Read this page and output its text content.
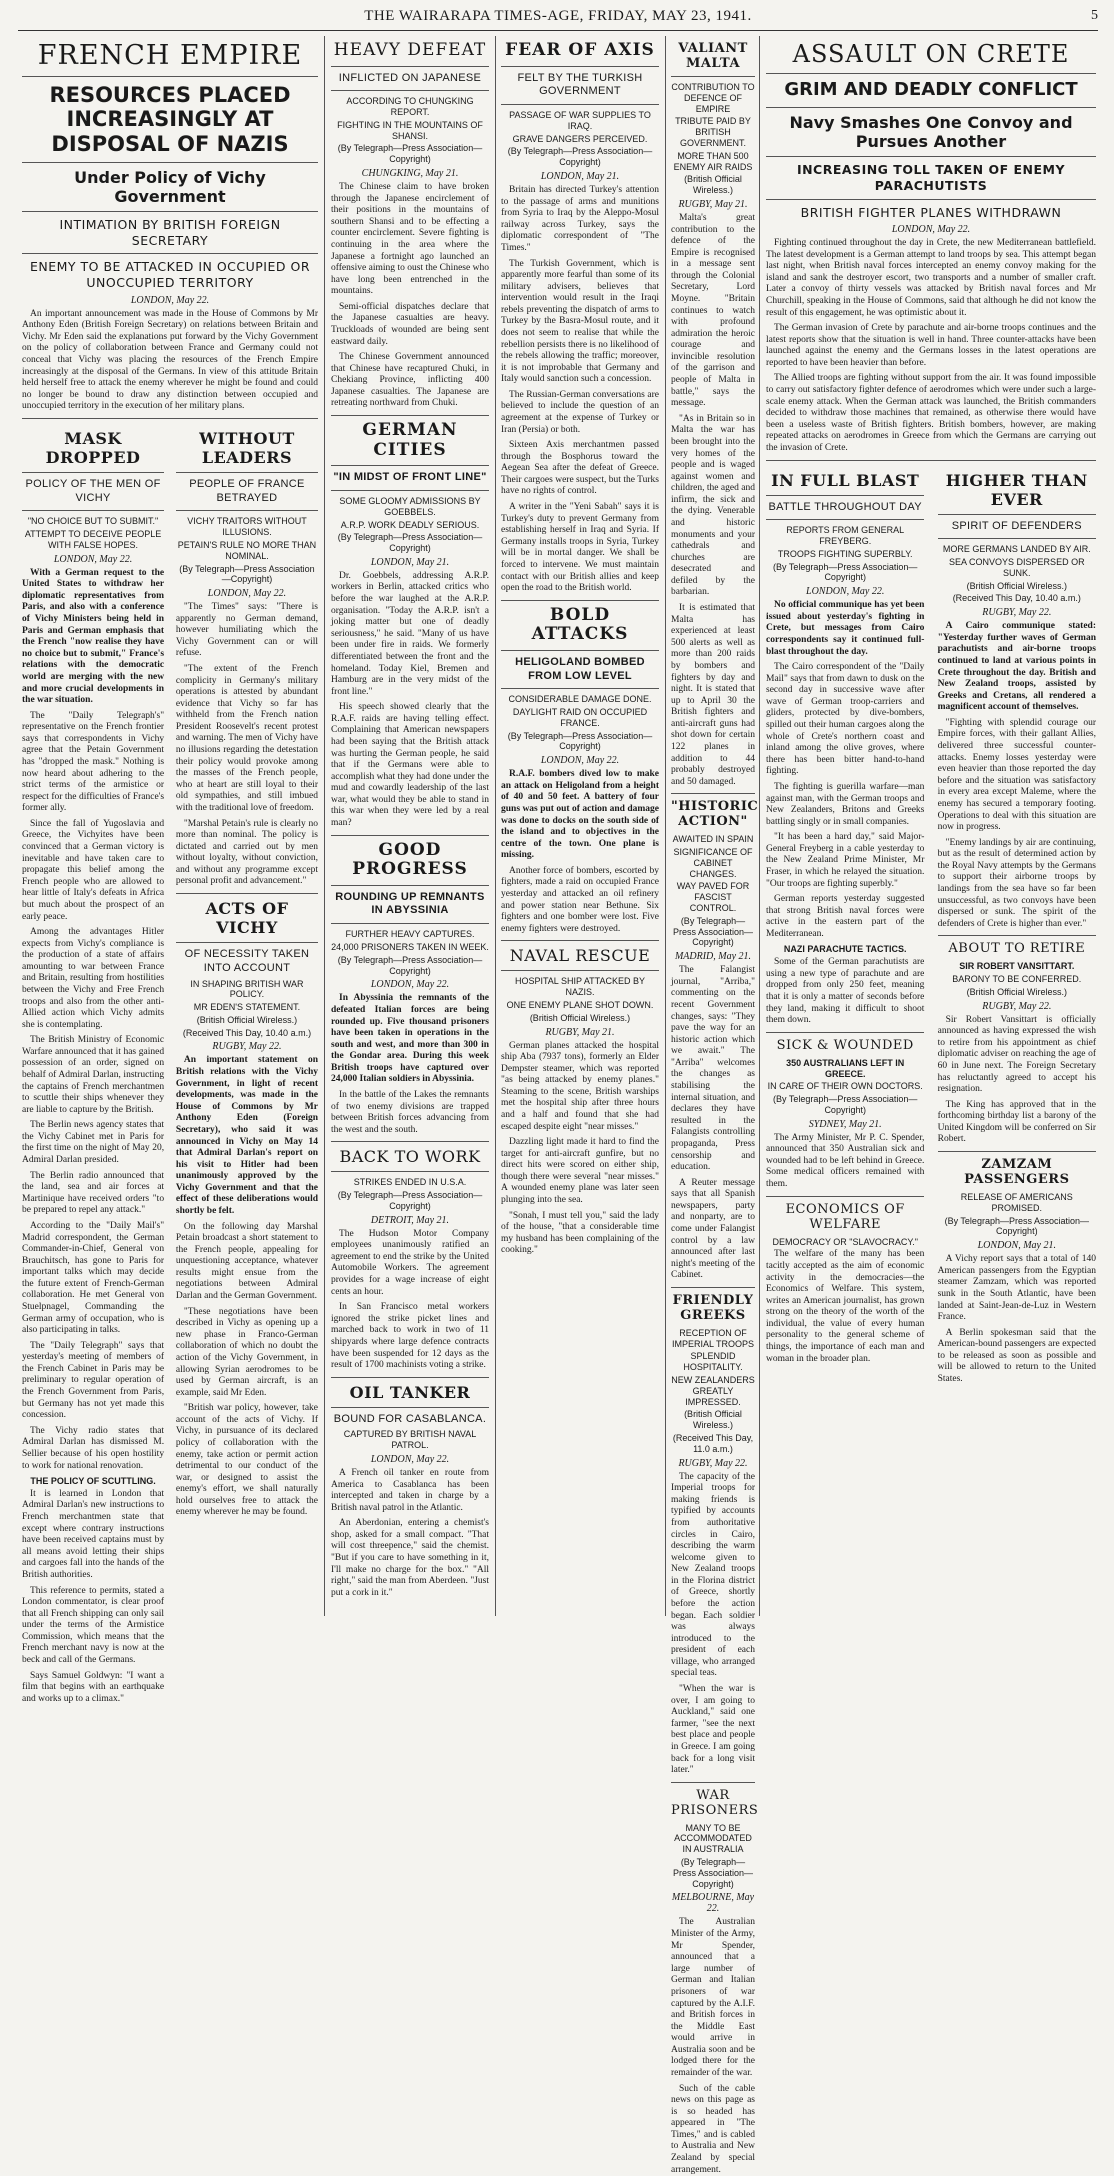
THE WAIRARAPA TIMES-AGE, FRIDAY, MAY 23, 1941.	5
FRENCH EMPIRE
RESOURCES PLACED INCREASINGLY AT DISPOSAL OF NAZIS
Under Policy of Vichy Government
INTIMATION BY BRITISH FOREIGN SECRETARY
ENEMY TO BE ATTACKED IN OCCUPIED OR UNOCCUPIED TERRITORY
LONDON, May 22.

An important announcement was made in the House of Commons by Mr Anthony Eden (British Foreign Secretary) on relations between Britain and Vichy. Mr Eden said the explanations put forward by the Vichy Government on the policy of collaboration between France and Germany could not conceal that Vichy was placing the resources of the French Empire increasingly at the disposal of the Germans. In view of this attitude Britain held herself free to attack the enemy wherever he might be found and could no longer be bound to draw any distinction between occupied and unoccupied territory in the execution of her military plans.

MASK DROPPED
POLICY OF THE MEN OF VICHY
"NO CHOICE BUT TO SUBMIT."
ATTEMPT TO DECEIVE PEOPLE WITH FALSE HOPES.
LONDON, May 22.

With a German request to the United States to withdraw her diplomatic representatives from Paris, and also with a conference of Vichy Ministers being held in Paris and German emphasis that the French "now realise they have no choice but to submit," France's relations with the democratic world are merging with the new and more crucial developments in the war situation.

The "Daily Telegraph's" representative on the French frontier says that correspondents in Vichy agree that the Petain Government has "dropped the mask." Nothing is now heard about adhering to the strict terms of the armistice or respect for the difficulties of France's former ally.

Since the fall of Yugoslavia and Greece, the Vichyites have been convinced that a German victory is inevitable and have taken care to propagate this belief among the French people who are allowed to hear little of Italy's defeats in Africa but much about the prospect of an early peace.

Among the advantages Hitler expects from Vichy's compliance is the production of a state of affairs amounting to war between France and Britain, resulting from hostilities between the Vichy and Free French troops and also from the other anti-Allied action which Vichy admits she is contemplating.

The British Ministry of Economic Warfare announced that it has gained possession of an order, signed on behalf of Admiral Darlan, instructing the captains of French merchantmen to scuttle their ships whenever they are liable to capture by the British.

The Berlin news agency states that the Vichy Cabinet met in Paris for the first time on the night of May 20, Admiral Darlan presided.

The Berlin radio announced that the land, sea and air forces at Martinique have received orders "to be prepared to repel any attack."

According to the "Daily Mail's" Madrid correspondent, the German Commander-in-Chief, General von Brauchitsch, has gone to Paris for important talks which may decide the future extent of French-German collaboration. He met General von Stuelpnagel, Commanding the German army of occupation, who is also participating in talks.

The "Daily Telegraph" says that yesterday's meeting of members of the French Cabinet in Paris may be preliminary to regular operation of the French Government from Paris, but Germany has not yet made this concession.

The Vichy radio states that Admiral Darlan has dismissed M. Sellier because of his open hostility to work for national renovation.

THE POLICY OF SCUTTLING.

It is learned in London that Admiral Darlan's new instructions to French merchantmen state that except where contrary instructions have been received captains must by all means avoid letting their ships and cargoes fall into the hands of the British authorities.

This reference to permits, stated a London commentator, is clear proof that all French shipping can only sail under the terms of the Armistice Commission, which means that the French merchant navy is now at the beck and call of the Germans.

Says Samuel Goldwyn: "I want a film that begins with an earthquake and works up to a climax."

WITHOUT LEADERS
PEOPLE OF FRANCE BETRAYED
VICHY TRAITORS WITHOUT ILLUSIONS.
PETAIN'S RULE NO MORE THAN NOMINAL.
(By Telegraph—Press Association—Copyright)
LONDON, May 22.

"The Times" says: "There is apparently no German demand, however humiliating which the Vichy Government can or will refuse.

"The extent of the French complicity in Germany's military operations is attested by abundant evidence that Vichy so far has withheld from the French nation President Roosevelt's recent protest and warning. The men of Vichy have no illusions regarding the detestation their policy would provoke among the masses of the French people, who at heart are still loyal to their old sympathies, and still imbued with the traditional love of freedom.

"Marshal Petain's rule is clearly no more than nominal. The policy is dictated and carried out by men without loyalty, without conviction, and without any programme except personal profit and advancement."

ACTS OF VICHY
OF NECESSITY TAKEN INTO ACCOUNT
IN SHAPING BRITISH WAR POLICY.
MR EDEN'S STATEMENT.
(British Official Wireless.)
(Received This Day, 10.40 a.m.)
RUGBY, May 22.

An important statement on British relations with the Vichy Government, in light of recent developments, was made in the House of Commons by Mr Anthony Eden (Foreign Secretary), who said it was announced in Vichy on May 14 that Admiral Darlan's report on his visit to Hitler had been unanimously approved by the Vichy Government and that the effect of these deliberations would shortly be felt.

On the following day Marshal Petain broadcast a short statement to the French people, appealing for unquestioning acceptance, whatever results might ensue from the negotiations between Admiral Darlan and the German Government.

"These negotiations have been described in Vichy as opening up a new phase in Franco-German collaboration of which no doubt the action of the Vichy Government, in allowing Syrian aerodromes to be used by German aircraft, is an example, said Mr Eden.

"British war policy, however, take account of the acts of Vichy. If Vichy, in pursuance of its declared policy of collaboration with the enemy, take action or permit action detrimental to our conduct of the war, or designed to assist the enemy's effort, we shall naturally hold ourselves free to attack the enemy wherever he may be found.

HEAVY DEFEAT
INFLICTED ON JAPANESE
ACCORDING TO CHUNGKING REPORT.
FIGHTING IN THE MOUNTAINS OF SHANSI.
(By Telegraph—Press Association—Copyright)
CHUNGKING, May 21.

The Chinese claim to have broken through the Japanese encirclement of their positions in the mountains of southern Shansi and to be effecting a counter encirclement. Severe fighting is continuing in the area where the Japanese a fortnight ago launched an offensive aiming to oust the Chinese who have long been entrenched in the mountains.

Semi-official dispatches declare that the Japanese casualties are heavy. Truckloads of wounded are being sent eastward daily.

The Chinese Government announced that Chinese have recaptured Chuki, in Chekiang Province, inflicting 400 Japanese casualties. The Japanese are retreating northward from Chuki.

GERMAN CITIES
"IN MIDST OF FRONT LINE"
SOME GLOOMY ADMISSIONS BY GOEBBELS.
A.R.P. WORK DEADLY SERIOUS.
(By Telegraph—Press Association—Copyright)
LONDON, May 21.

Dr. Goebbels, addressing A.R.P. workers in Berlin, attacked critics who before the war laughed at the A.R.P. organisation. "Today the A.R.P. isn't a joking matter but one of deadly seriousness," he said. "Many of us have been under fire in raids. We formerly differentiated between the front and the homeland. Today Kiel, Bremen and Hamburg are in the very midst of the front line."

His speech showed clearly that the R.A.F. raids are having telling effect. Complaining that American newspapers had been saying that the British attack was hurting the German people, he said that if the Germans were able to accomplish what they had done under the mud and cowardly leadership of the last war, what would they be able to stand in this war when they were led by a real man?

GOOD PROGRESS
ROUNDING UP REMNANTS IN ABYSSINIA
FURTHER HEAVY CAPTURES.
24,000 PRISONERS TAKEN IN WEEK.
(By Telegraph—Press Association—Copyright)
LONDON, May 22.

In Abyssinia the remnants of the defeated Italian forces are being rounded up. Five thousand prisoners have been taken in operations in the south and west, and more than 300 in the Gondar area. During this week British troops have captured over 24,000 Italian soldiers in Abyssinia.

In the battle of the Lakes the remnants of two enemy divisions are trapped between British forces advancing from the west and the south.

BACK TO WORK
STRIKES ENDED IN U.S.A.
(By Telegraph—Press Association—Copyright)
DETROIT, May 21.

The Hudson Motor Company employees unanimously ratified an agreement to end the strike by the United Automobile Workers. The agreement provides for a wage increase of eight cents an hour.

In San Francisco metal workers ignored the strike picket lines and marched back to work in two of 11 shipyards where large defence contracts have been suspended for 12 days as the result of 1700 machinists voting a strike.

OIL TANKER
BOUND FOR CASABLANCA.
CAPTURED BY BRITISH NAVAL PATROL.
LONDON, May 22.

A French oil tanker en route from America to Casablanca has been intercepted and taken in charge by a British naval patrol in the Atlantic.

An Aberdonian, entering a chemist's shop, asked for a small compact. "That will cost threepence," said the chemist. "But if you care to have something in it, I'll make no charge for the box." "All right," said the man from Aberdeen. "Just put a cork in it."

FEAR OF AXIS
FELT BY THE TURKISH GOVERNMENT
PASSAGE OF WAR SUPPLIES TO IRAQ.
GRAVE DANGERS PERCEIVED.
(By Telegraph—Press Association—Copyright)
LONDON, May 21.

Britain has directed Turkey's attention to the passage of arms and munitions from Syria to Iraq by the Aleppo-Mosul railway across Turkey, says the diplomatic correspondent of "The Times."

The Turkish Government, which is apparently more fearful than some of its military advisers, believes that intervention would result in the Iraqi rebels preventing the dispatch of arms to Turkey by the Basra-Mosul route, and it does not seem to realise that while the rebellion persists there is no likelihood of the rebels allowing the traffic; moreover, it is not improbable that Germany and Italy would sanction such a concession.

The Russian-German conversations are believed to include the question of an agreement at the expense of Turkey or Iran (Persia) or both.

Sixteen Axis merchantmen passed through the Bosphorus toward the Aegean Sea after the defeat of Greece. Their cargoes were suspect, but the Turks have no rights of control.

A writer in the "Yeni Sabah" says it is Turkey's duty to prevent Germany from establishing herself in Iraq and Syria. If Germany installs troops in Syria, Turkey will be in mortal danger. We shall be forced to intervene. We must maintain contact with our British allies and keep open the road to the British world.

BOLD ATTACKS
HELIGOLAND BOMBED FROM LOW LEVEL
CONSIDERABLE DAMAGE DONE.
DAYLIGHT RAID ON OCCUPIED FRANCE.
(By Telegraph—Press Association—Copyright)
LONDON, May 22.

R.A.F. bombers dived low to make an attack on Heligoland from a height of 40 and 50 feet. A battery of four guns was put out of action and damage was done to docks on the south side of the island and to objectives in the centre of the town. One plane is missing.

Another force of bombers, escorted by fighters, made a raid on occupied France yesterday and attacked an oil refinery and power station near Bethune. Six fighters and one bomber were lost. Five enemy fighters were destroyed.

NAVAL RESCUE
HOSPITAL SHIP ATTACKED BY NAZIS.
ONE ENEMY PLANE SHOT DOWN.
(British Official Wireless.)
RUGBY, May 21.

German planes attacked the hospital ship Aba (7937 tons), formerly an Elder Dempster steamer, which was reported "as being attacked by enemy planes." Steaming to the scene, British warships met the hospital ship after three hours and a half and found that she had escaped despite eight "near misses."

Dazzling light made it hard to find the target for anti-aircraft gunfire, but no direct hits were scored on either ship, though there were several "near misses." A wounded enemy plane was later seen plunging into the sea.

"Sonah, I must tell you," said the lady of the house, "that a considerable time my husband has been complaining of the cooking."

VALIANT MALTA
CONTRIBUTION TO DEFENCE OF EMPIRE
TRIBUTE PAID BY BRITISH GOVERNMENT.
MORE THAN 500 ENEMY AIR RAIDS
(British Official Wireless.)
RUGBY, May 21.

Malta's great contribution to the defence of the Empire is recognised in a message sent through the Colonial Secretary, Lord Moyne. "Britain continues to watch with profound admiration the heroic courage and invincible resolution of the garrison and people of Malta in battle," says the message.

"As in Britain so in Malta the war has been brought into the very homes of the people and is waged against women and children, the aged and infirm, the sick and the dying. Venerable and historic monuments and your cathedrals and churches are desecrated and defiled by the barbarian.

It is estimated that Malta has experienced at least 500 alerts as well as more than 200 raids by bombers and fighters by day and night. It is stated that up to April 30 the British fighters and anti-aircraft guns had shot down for certain 122 planes in addition to 44 probably destroyed and 50 damaged.

"HISTORIC ACTION"
AWAITED IN SPAIN
SIGNIFICANCE OF CABINET CHANGES.
WAY PAVED FOR FASCIST CONTROL.
(By Telegraph—Press Association—Copyright)
MADRID, May 21.

The Falangist journal, "Arriba," commenting on the recent Government changes, says: "They pave the way for an historic action which we await." The "Arriba" welcomes the changes as stabilising the internal situation, and declares they have resulted in the Falangists controlling propaganda, Press censorship and education.

A Reuter message says that all Spanish newspapers, party and nonparty, are to come under Falangist control by a law announced after last night's meeting of the Cabinet.

FRIENDLY GREEKS
RECEPTION OF IMPERIAL TROOPS
SPLENDID HOSPITALITY.
NEW ZEALANDERS GREATLY IMPRESSED.
(British Official Wireless.)
(Received This Day, 11.0 a.m.)
RUGBY, May 22.

The capacity of the Imperial troops for making friends is typified by accounts from authoritative circles in Cairo, describing the warm welcome given to New Zealand troops in the Florina district of Greece, shortly before the action began. Each soldier was always introduced to the president of each village, who arranged special teas.

"When the war is over, I am going to Auckland," said one farmer, "see the next best place and people in Greece. I am going back for a long visit later."

WAR PRISONERS
MANY TO BE ACCOMMODATED IN AUSTRALIA
(By Telegraph—Press Association—Copyright)
MELBOURNE, May 22.

The Australian Minister of the Army, Mr Spender, announced that a large number of German and Italian prisoners of war captured by the A.I.F. and British forces in the Middle East would arrive in Australia soon and be lodged there for the remainder of the war.

Such of the cable news on this page as is so headed has appeared in "The Times," and is cabled to Australia and New Zealand by special arrangement.

ASSAULT ON CRETE
GRIM AND DEADLY CONFLICT
Navy Smashes One Convoy and Pursues Another
INCREASING TOLL TAKEN OF ENEMY PARACHUTISTS
BRITISH FIGHTER PLANES WITHDRAWN
LONDON, May 22.

Fighting continued throughout the day in Crete, the new Mediterranean battlefield. The latest development is a German attempt to land troops by sea. This attempt began last night, when British naval forces intercepted an enemy convoy making for the island and sank the destroyer escort, two transports and a number of smaller craft. Later a convoy of thirty vessels was attacked by British naval forces and Mr Churchill, speaking in the House of Commons, said that although he did not know the result of this engagement, he was optimistic about it.

The German invasion of Crete by parachute and air-borne troops continues and the latest reports show that the situation is well in hand. Three counter-attacks have been launched against the enemy and the Germans losses in the latest operations are reported to have been heavier than before.

The Allied troops are fighting without support from the air. It was found impossible to carry out satisfactory fighter defence of aerodromes which were under such a large-scale enemy attack. When the German attack was launched, the British commanders decided to withdraw those machines that remained, as otherwise there would have been a useless waste of British fighters. British bombers, however, are making repeated attacks on aerodromes in Greece from which the Germans are carrying out the invasion of Crete.

IN FULL BLAST
BATTLE THROUGHOUT DAY
REPORTS FROM GENERAL FREYBERG.
TROOPS FIGHTING SUPERBLY.
(By Telegraph—Press Association—Copyright)
LONDON, May 22.

No official communique has yet been issued about yesterday's fighting in Crete, but messages from Cairo correspondents say it continued full-blast throughout the day.

The Cairo correspondent of the "Daily Mail" says that from dawn to dusk on the second day in successive wave after wave of German troop-carriers and gliders, protected by dive-bombers, spilled out their human cargoes along the whole of Crete's northern coast and inland among the olive groves, where there has been bitter hand-to-hand fighting.

The fighting is guerilla warfare—man against man, with the German troops and New Zealanders, Britons and Greeks battling singly or in small companies.

"It has been a hard day," said Major-General Freyberg in a cable yesterday to the New Zealand Prime Minister, Mr Fraser, in which he relayed the situation. "Our troops are fighting superbly."

German reports yesterday suggested that strong British naval forces were active in the eastern part of the Mediterranean.

NAZI PARACHUTE TACTICS.

Some of the German parachutists are using a new type of parachute and are dropped from only 250 feet, meaning that it is only a matter of seconds before they land, making it difficult to shoot them down.

SICK & WOUNDED
350 AUSTRALIANS LEFT IN GREECE.
IN CARE OF THEIR OWN DOCTORS.
(By Telegraph—Press Association—Copyright)
SYDNEY, May 21.

The Army Minister, Mr P. C. Spender, announced that 350 Australian sick and wounded had to be left behind in Greece. Some medical officers remained with them.

ECONOMICS OF WELFARE
DEMOCRACY OR "SLAVOCRACY."

The welfare of the many has been tacitly accepted as the aim of economic activity in the democracies—the Economics of Welfare. This system, writes an American journalist, has grown strong on the theory of the worth of the individual, the value of every human personality to the general scheme of things, the importance of each man and woman in the broader plan.

HIGHER THAN EVER
SPIRIT OF DEFENDERS
MORE GERMANS LANDED BY AIR.
SEA CONVOYS DISPERSED OR SUNK.
(British Official Wireless.)
(Received This Day, 10.40 a.m.)
RUGBY, May 22.

A Cairo communique stated: "Yesterday further waves of German parachutists and air-borne troops continued to land at various points in Crete throughout the day. British and New Zealand troops, assisted by Greeks and Cretans, all rendered a magnificent account of themselves.

"Fighting with splendid courage our Empire forces, with their gallant Allies, delivered three successful counter-attacks. Enemy losses yesterday were even heavier than those reported the day before and the situation was satisfactory in every area except Maleme, where the enemy has secured a temporary footing. Operations to deal with this situation are now in progress.

"Enemy landings by air are continuing, but as the result of determined action by the Royal Navy attempts by the Germans to support their airborne troops by landings from the sea have so far been unsuccessful, as two convoys have been dispersed or sunk. The spirit of the defenders of Crete is higher than ever."

ABOUT TO RETIRE
SIR ROBERT VANSITTART.
BARONY TO BE CONFERRED.
(British Official Wireless.)
RUGBY, May 22.

Sir Robert Vansittart is officially announced as having expressed the wish to retire from his appointment as chief diplomatic adviser on reaching the age of 60 in June next. The Foreign Secretary has reluctantly agreed to accept his resignation.

The King has approved that in the forthcoming birthday list a barony of the United Kingdom will be conferred on Sir Robert.

ZAMZAM PASSENGERS
RELEASE OF AMERICANS PROMISED.
(By Telegraph—Press Association—Copyright)
LONDON, May 21.

A Vichy report says that a total of 140 American passengers from the Egyptian steamer Zamzam, which was reported sunk in the South Atlantic, have been landed at Saint-Jean-de-Luz in Western France.

A Berlin spokesman said that the American-bound passengers are expected to be released as soon as possible and will be allowed to return to the United States.
